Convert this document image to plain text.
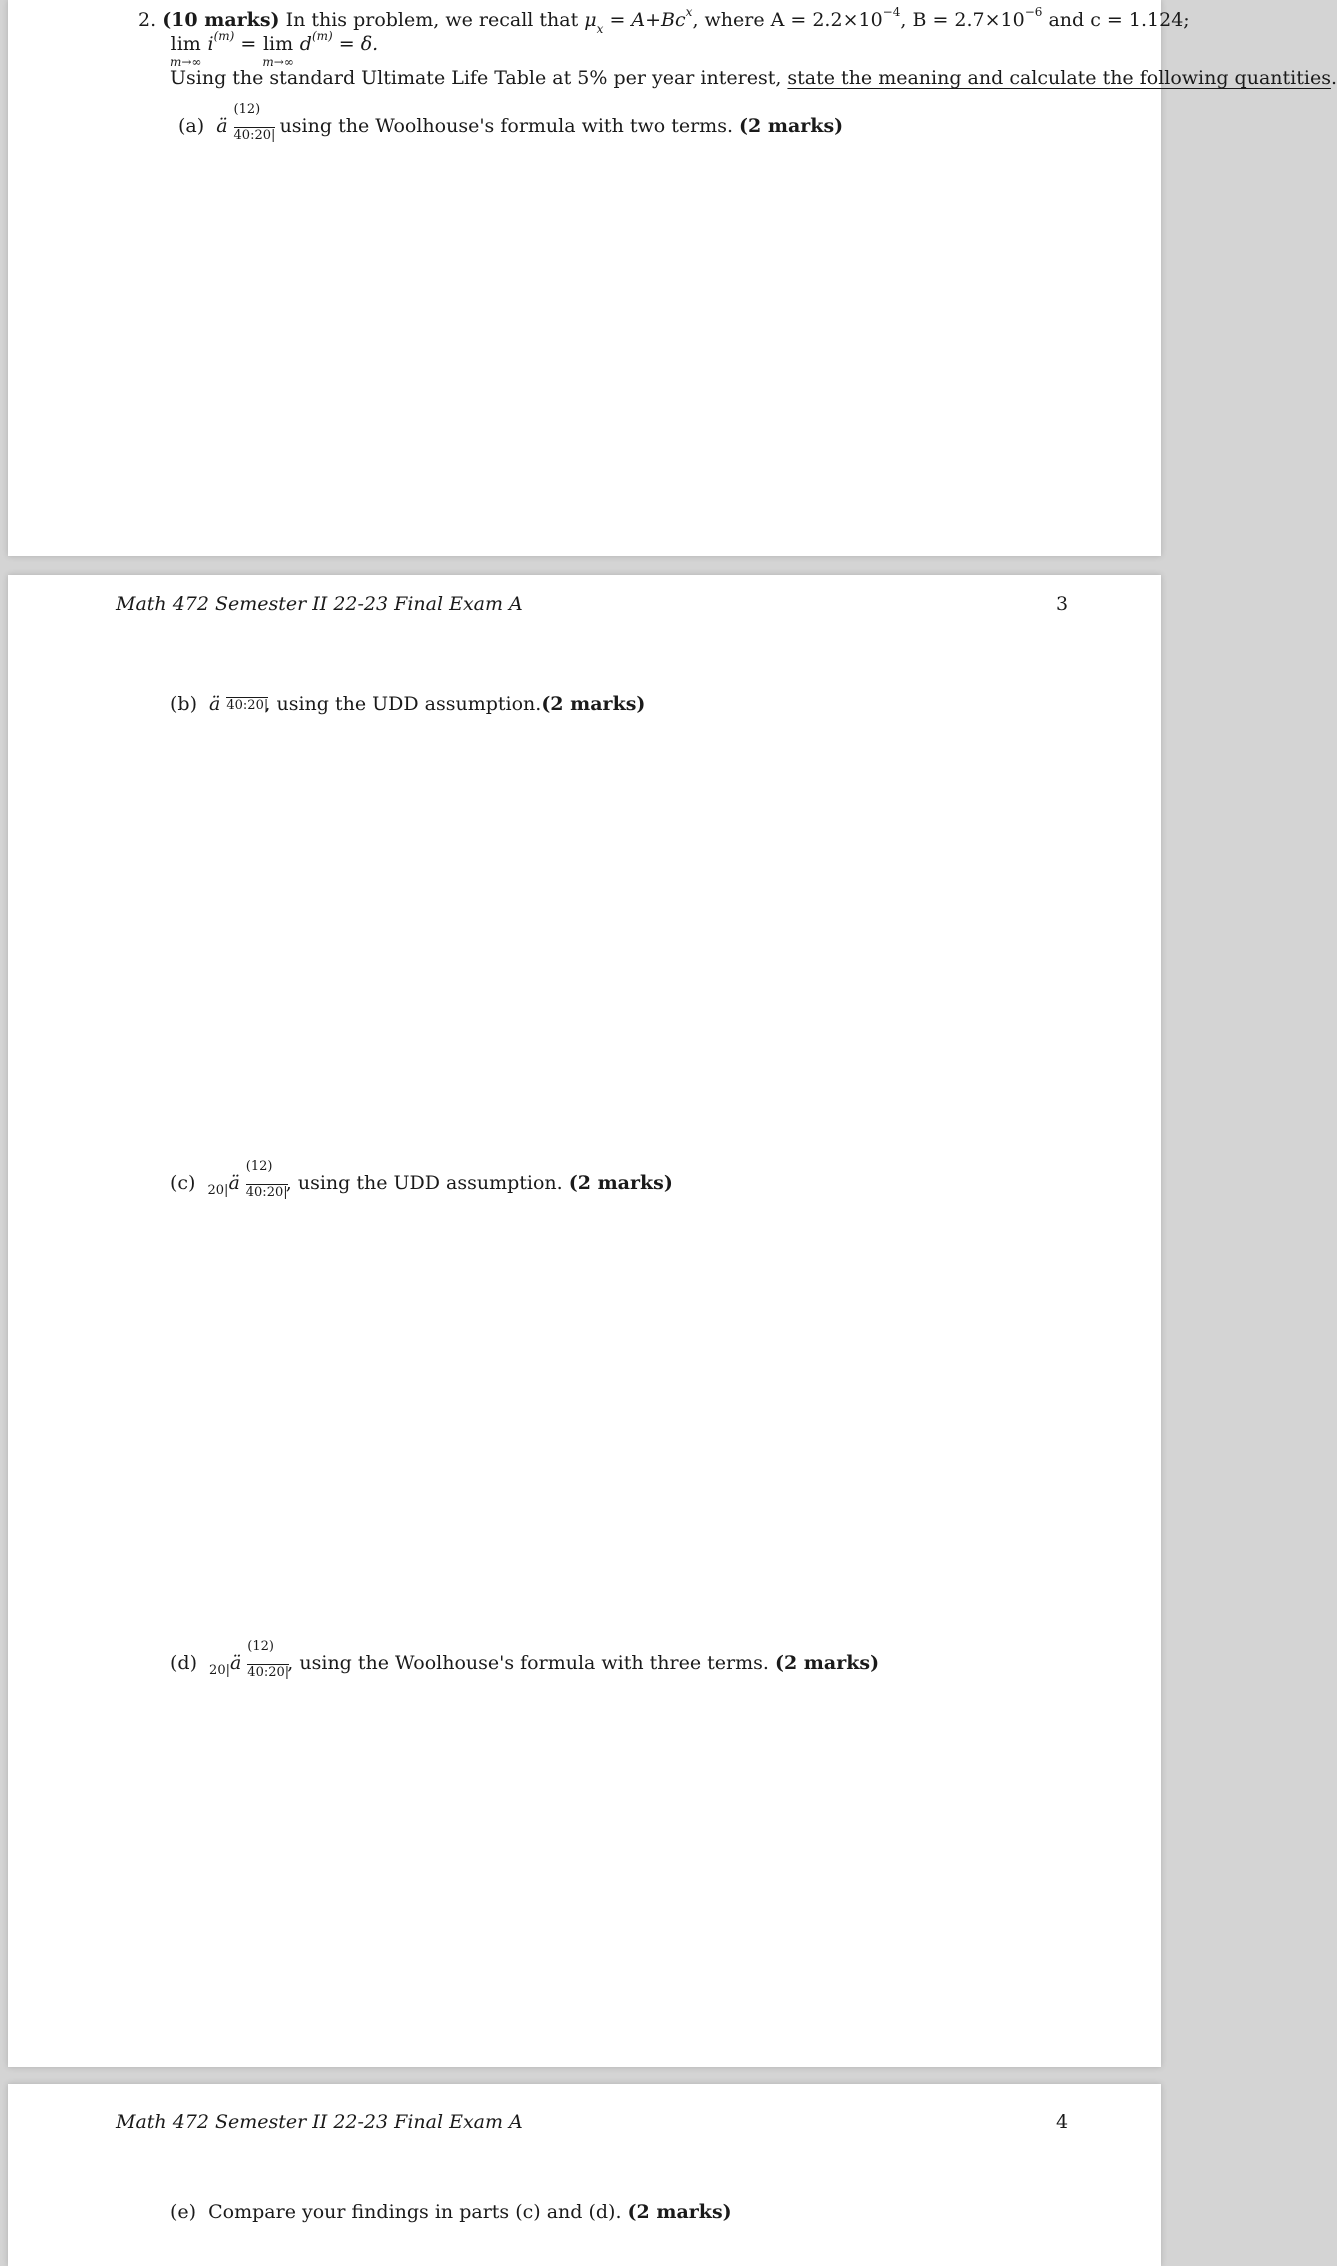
2. (10 marks) In this problem, we recall that $\mu_x = A+Bc^x$, where $A = 2.2\times 10^{-4}$, $B = 2.7\times 10^{-6}$ and c = 1.124;
lim
m→∞
$i^{(m)} = \lim$
m→∞
$d^{(m)} = \delta$.
Using the standard Ultimate Life Table at 5% per year interest, state the meaning and calculate the following quantities.
(a) ä $\frac{(12)}{40:20|}$ using the Woolhouse's formula with two terms. (2 marks)
Math 472 Semester II 22-23 Final Exam A	3
(b) ä 40:20|
, using the UDD assumption.(2 marks)
(c) $_{20|}$ä $\frac{(12)}{40:20|}$ , using the UDD assumption. (2 marks)
(d) $_{20|}$ä $\frac{(12)}{40:20|}$ , using the Woolhouse's formula with three terms. (2 marks)
Math 472 Semester II 22-23 Final Exam A	4
(e) Compare your findings in parts (c) and (d). (2 marks)
